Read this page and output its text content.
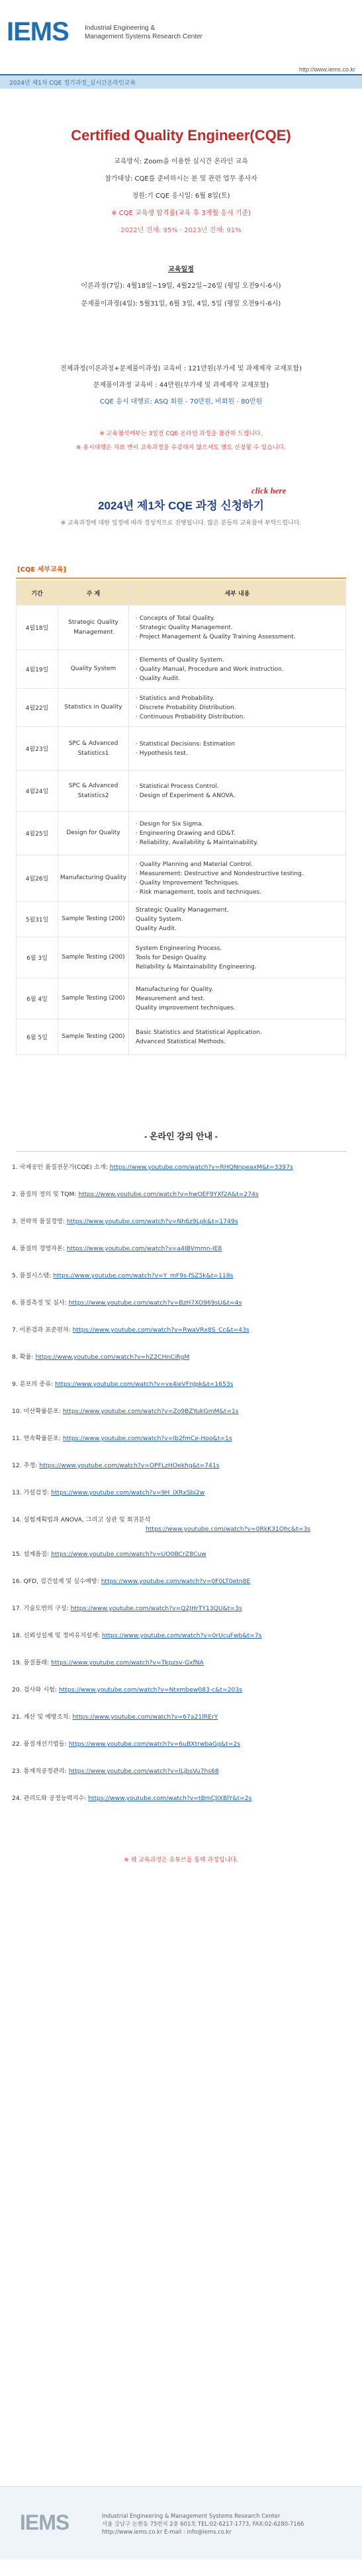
IEMS Industrial Engineering &
Management Systems Research Center
http://www.iems.co.kr
2024년 제1차 CQE 정기과정_실시간온라인교육
Certified Quality Engineer(CQE)
교육방식: Zoom을 이용한 실시간 온라인 교육
참가대상: CQE를 준비하시는 분 및 관련 업무 종사자
정원:기 CQE 응시일: 6월 8일(토)
※ CQE 교육생 합격률(교육 후 3개월 응시 기준)
2022년 전체: 95% · 2023년 전체: 91%
교육일정
이론과정(7일): 4월18일~19일, 4월22일~26일 (평일 오전9시-6시)
문제풀이과정(4일): 5월31일, 6월 3일, 4일, 5일 (평일 오전9시-6시)
전체과정(이론과정+문제풀이과정) 교육비 : 121만원(부가세 및 과제제작 교재포함)
문제풀이과정 교육비 : 44만원(부가세 및 과제제작 교재포함)
CQE 응시 대행료: ASQ 회원 - 70만원, 비회원 - 80만원
※ 교육참석여부는 3일전 CQE 온라인 과정을 참관하 드립니다.
※ 용시대행은 자료 변이 교육과정을 수강하지 않으셔도 별도 신청할 수 있습니다.
2024년 제1차 CQE 과정 신청하기
click here
※ 교육과정에 대한 일정에 따라 정상적으로 진행됩니다. 많은 분들의 교육참여 부탁드립니다.
[CQE 세부교육]
기간	주 제	세부 내용
4월18일	Strategic Quality Management	· Concepts of Total Quality.
· Strategic Quality Management.
· Project Management & Quality Training Assessment.

4월19일	Quality System	· Elements of Quality System.
· Quality Manual, Procedure and Work Instruction.
· Quality Audit.

4월22일	Statistics in Quality	· Statistics and Probability.
· Discrete Probability Distribution.
· Continuous Probability Distribution.

4월23일	SPC & Advanced Statistics1	· Statistical Decisions: Estimation
· Hypothesis test.

4월24일	SPC & Advanced Statistics2	· Statistical Process Control.
· Design of Experiment & ANOVA.

4월25일	Design for Quality	· Design for Six Sigma.
· Engineering Drawing and GD&T.
· Reliability, Availability & Maintainability.

4월26일	Manufacturing Quality	· Quality Planning and Material Control.
· Measurement: Destructive and Nondestructive testing.
· Quality Improvement Techniques.
· Risk management, tools and techniques.

5월31일	Sample Testing (200)	Strategic Quality Management.
Quality System.
Quality Audit.

6월 3일	Sample Testing (200)	System Engineering Process.
Tools for Design Quality.
Reliability & Maintainability Engineering.

6월 4일	Sample Testing (200)	Manufacturing for Quality.
Measurement and test.
Quality improvement techniques.

6월 5일	Sample Testing (200)	Basic Statistics and Statistical Application.
Advanced Statistical Methods.
- 온라인 강의 안내 -
1. 국제공인 품질전문가(CQE) 소개: https://www.youtube.com/watch?v=RHQNnpeaxM&t=3397s
2. 품질의 정의 및 TQM: https://www.youtube.com/watch?v=hwOEF9YXf2A&t=274s
3. 전략적 품질경영: https://www.youtube.com/watch?v=Nh6z9Lpk&t=1749s
4. 품질의 경영자론: https://www.youtube.com/watch?v=a4IBVmmn-IE8
5. 품질시스템: https://www.youtube.com/watch?v=Y_mF9s-fSZ5k&t=118s
6. 품질측정 및 심사: https://www.youtube.com/watch?v=BzH7XO969sU&t=4s
7. 이론검과 표준편차: https://www.youtube.com/watch?v=RwaVRx8S_Cc&t=43s
8. 확률: https://www.youtube.com/watch?v=hZ2CHnCiRgM
9. 분포의 종류: https://www.youtube.com/watch?v=vx4ieVFnJpk&t=1653s
10. 이산확률분포: https://www.youtube.com/watch?v=Zo9BZYukGmM&t=1s
11. 연속확률분포: https://www.youtube.com/watch?v=Ib2fmCe-Hoo&t=1s
12. 추정: https://www.youtube.com/watch?v=OPFLzHOekhg&t=741s
13. 가설검정: https://www.youtube.com/watch?v=9H_iXRxSbi2w
14. 실험계획법과 ANOVA, 그리고 상관 및 회귀분석
https://www.youtube.com/watch?v=0RkK31Ohc&t=3s
15. 설계품질: https://www.youtube.com/watch?v=UO0BCrZ8Cuw
16. QFD, 검건설계 및 실수예방: https://www.youtube.com/watch?v=0F0LT0etn8E
17. 기술도면의 구성: https://www.youtube.com/watch?v=Q2JHrTY13QU&t=3s
18. 신뢰성설계 및 정비유지설계: https://www.youtube.com/watch?v=0rUcuFwb&t=7s
19. 품질플래: https://www.youtube.com/watch?v=Tkpzsv-GxfNA
20. 검사와 시험: https://www.youtube.com/watch?v=Ntxmbew083-c&t=203s
21. 계산 및 예방조치: https://www.youtube.com/watch?v=67a21lRErY
22. 품질개선기법들: https://www.youtube.com/watch?v=6uBXtrwbaGg&t=2s
23. 통계적공정관리: https://www.youtube.com/watch?v=lLjbsVu7hs68
24. 관리도와 공정능력지수: https://www.youtube.com/watch?v=tBmCJIXBlY&t=2s
※ 위 교육과정은 유튜브를 통해 과정입니다.
IEMS	Industrial Engineering & Management Systems Research Center
서울 강남구 논현동 75번지 2층 601호 TEL:02-6217-1773, FAX:02-6280-7166
http://www.iems.co.kr E-mail : info@iems.co.kr
